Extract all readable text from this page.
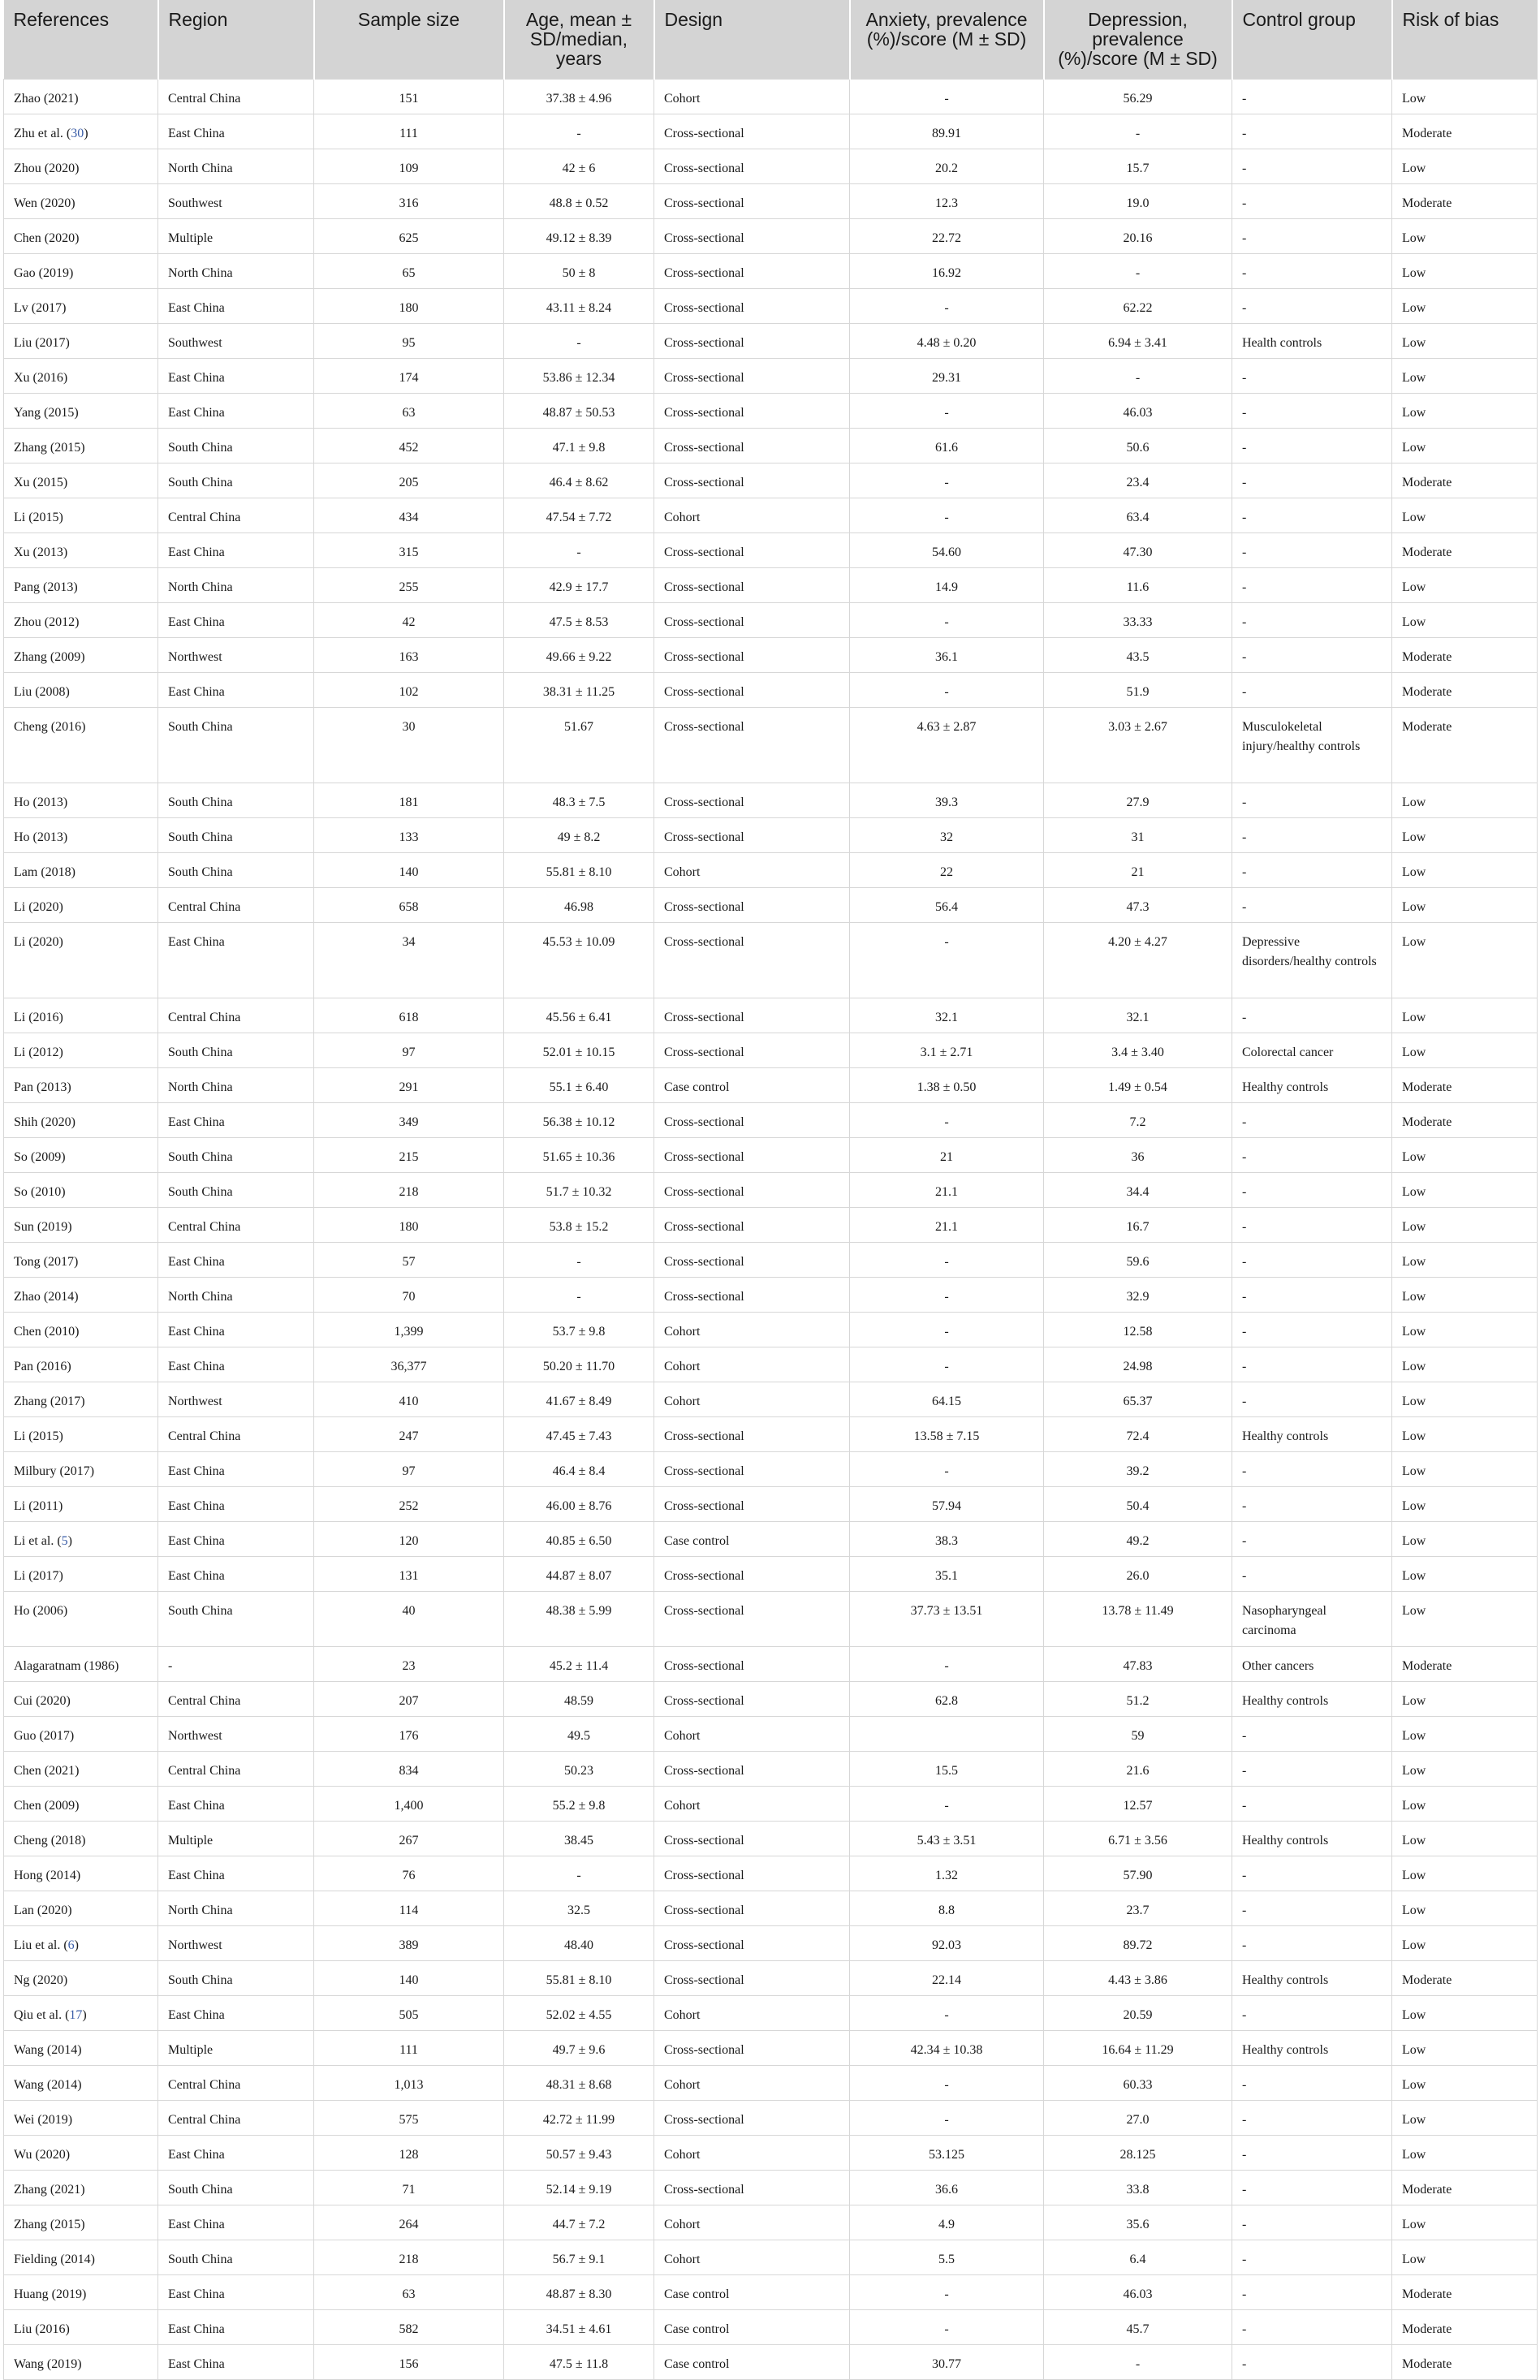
References	Region	Sample size	Age, mean ± SD/median, years	Design	Anxiety, prevalence (%)/score (M ± SD)	Depression, prevalence (%)/score (M ± SD)	Control group	Risk of bias
Zhao (2021)	Central China	151	37.38 ± 4.96	Cohort	-	56.29	-	Low
Zhu et al. (30)	East China	111	-	Cross-sectional	89.91	-	-	Moderate
Zhou (2020)	North China	109	42 ± 6	Cross-sectional	20.2	15.7	-	Low
Wen (2020)	Southwest	316	48.8 ± 0.52	Cross-sectional	12.3	19.0	-	Moderate
Chen (2020)	Multiple	625	49.12 ± 8.39	Cross-sectional	22.72	20.16	-	Low
Gao (2019)	North China	65	50 ± 8	Cross-sectional	16.92	-	-	Low
Lv (2017)	East China	180	43.11 ± 8.24	Cross-sectional	-	62.22	-	Low
Liu (2017)	Southwest	95	-	Cross-sectional	4.48 ± 0.20	6.94 ± 3.41	Health controls	Low
Xu (2016)	East China	174	53.86 ± 12.34	Cross-sectional	29.31	-	-	Low
Yang (2015)	East China	63	48.87 ± 50.53	Cross-sectional	-	46.03	-	Low
Zhang (2015)	South China	452	47.1 ± 9.8	Cross-sectional	61.6	50.6	-	Low
Xu (2015)	South China	205	46.4 ± 8.62	Cross-sectional	-	23.4	-	Moderate
Li (2015)	Central China	434	47.54 ± 7.72	Cohort	-	63.4	-	Low
Xu (2013)	East China	315	-	Cross-sectional	54.60	47.30	-	Moderate
Pang (2013)	North China	255	42.9 ± 17.7	Cross-sectional	14.9	11.6	-	Low
Zhou (2012)	East China	42	47.5 ± 8.53	Cross-sectional	-	33.33	-	Low
Zhang (2009)	Northwest	163	49.66 ± 9.22	Cross-sectional	36.1	43.5	-	Moderate
Liu (2008)	East China	102	38.31 ± 11.25	Cross-sectional	-	51.9	-	Moderate
Cheng (2016)	South China	30	51.67	Cross-sectional	4.63 ± 2.87	3.03 ± 2.67	Musculokeletal injury/healthy controls	Moderate
Ho (2013)	South China	181	48.3 ± 7.5	Cross-sectional	39.3	27.9	-	Low
Ho (2013)	South China	133	49 ± 8.2	Cross-sectional	32	31	-	Low
Lam (2018)	South China	140	55.81 ± 8.10	Cohort	22	21	-	Low
Li (2020)	Central China	658	46.98	Cross-sectional	56.4	47.3	-	Low
Li (2020)	East China	34	45.53 ± 10.09	Cross-sectional	-	4.20 ± 4.27	Depressive disorders/healthy controls	Low
Li (2016)	Central China	618	45.56 ± 6.41	Cross-sectional	32.1	32.1	-	Low
Li (2012)	South China	97	52.01 ± 10.15	Cross-sectional	3.1 ± 2.71	3.4 ± 3.40	Colorectal cancer	Low
Pan (2013)	North China	291	55.1 ± 6.40	Case control	1.38 ± 0.50	1.49 ± 0.54	Healthy controls	Moderate
Shih (2020)	East China	349	56.38 ± 10.12	Cross-sectional	-	7.2	-	Moderate
So (2009)	South China	215	51.65 ± 10.36	Cross-sectional	21	36	-	Low
So (2010)	South China	218	51.7 ± 10.32	Cross-sectional	21.1	34.4	-	Low
Sun (2019)	Central China	180	53.8 ± 15.2	Cross-sectional	21.1	16.7	-	Low
Tong (2017)	East China	57	-	Cross-sectional	-	59.6	-	Low
Zhao (2014)	North China	70	-	Cross-sectional	-	32.9	-	Low
Chen (2010)	East China	1,399	53.7 ± 9.8	Cohort	-	12.58	-	Low
Pan (2016)	East China	36,377	50.20 ± 11.70	Cohort	-	24.98	-	Low
Zhang (2017)	Northwest	410	41.67 ± 8.49	Cohort	64.15	65.37	-	Low
Li (2015)	Central China	247	47.45 ± 7.43	Cross-sectional	13.58 ± 7.15	72.4	Healthy controls	Low
Milbury (2017)	East China	97	46.4 ± 8.4	Cross-sectional	-	39.2	-	Low
Li (2011)	East China	252	46.00 ± 8.76	Cross-sectional	57.94	50.4	-	Low
Li et al. (5)	East China	120	40.85 ± 6.50	Case control	38.3	49.2	-	Low
Li (2017)	East China	131	44.87 ± 8.07	Cross-sectional	35.1	26.0	-	Low
Ho (2006)	South China	40	48.38 ± 5.99	Cross-sectional	37.73 ± 13.51	13.78 ± 11.49	Nasopharyngeal carcinoma	Low
Alagaratnam (1986)	-	23	45.2 ± 11.4	Cross-sectional	-	47.83	Other cancers	Moderate
Cui (2020)	Central China	207	48.59	Cross-sectional	62.8	51.2	Healthy controls	Low
Guo (2017)	Northwest	176	49.5	Cohort		59	-	Low
Chen (2021)	Central China	834	50.23	Cross-sectional	15.5	21.6	-	Low
Chen (2009)	East China	1,400	55.2 ± 9.8	Cohort	-	12.57	-	Low
Cheng (2018)	Multiple	267	38.45	Cross-sectional	5.43 ± 3.51	6.71 ± 3.56	Healthy controls	Low
Hong (2014)	East China	76	-	Cross-sectional	1.32	57.90	-	Low
Lan (2020)	North China	114	32.5	Cross-sectional	8.8	23.7	-	Low
Liu et al. (6)	Northwest	389	48.40	Cross-sectional	92.03	89.72	-	Low
Ng (2020)	South China	140	55.81 ± 8.10	Cross-sectional	22.14	4.43 ± 3.86	Healthy controls	Moderate
Qiu et al. (17)	East China	505	52.02 ± 4.55	Cohort	-	20.59	-	Low
Wang (2014)	Multiple	111	49.7 ± 9.6	Cross-sectional	42.34 ± 10.38	16.64 ± 11.29	Healthy controls	Low
Wang (2014)	Central China	1,013	48.31 ± 8.68	Cohort	-	60.33	-	Low
Wei (2019)	Central China	575	42.72 ± 11.99	Cross-sectional	-	27.0	-	Low
Wu (2020)	East China	128	50.57 ± 9.43	Cohort	53.125	28.125	-	Low
Zhang (2021)	South China	71	52.14 ± 9.19	Cross-sectional	36.6	33.8	-	Moderate
Zhang (2015)	East China	264	44.7 ± 7.2	Cohort	4.9	35.6	-	Low
Fielding (2014)	South China	218	56.7 ± 9.1	Cohort	5.5	6.4	-	Low
Huang (2019)	East China	63	48.87 ± 8.30	Case control	-	46.03	-	Moderate
Liu (2016)	East China	582	34.51 ± 4.61	Case control	-	45.7	-	Moderate
Wang (2019)	East China	156	47.5 ± 11.8	Case control	30.77	-	-	Moderate
